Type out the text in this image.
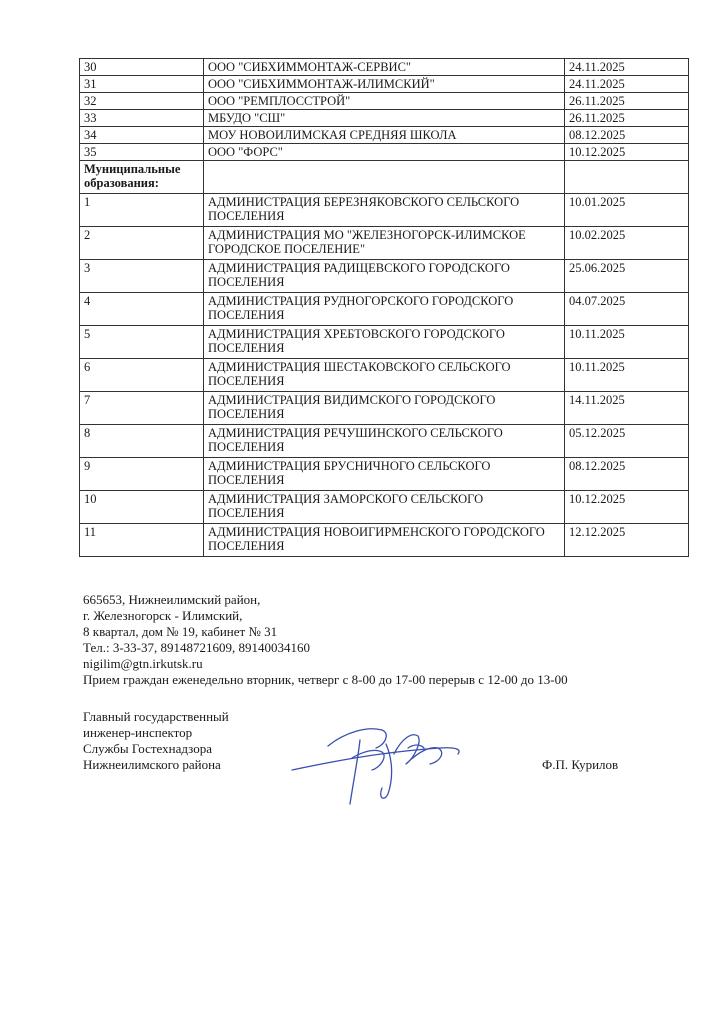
30	ООО "СИБХИММОНТАЖ-СЕРВИС"	24.11.2025
31	ООО "СИБХИММОНТАЖ-ИЛИМСКИЙ"	24.11.2025
32	ООО "РЕМПЛОССТРОЙ"	26.11.2025
33	МБУДО "СШ"	26.11.2025
34	МОУ НОВОИЛИМСКАЯ СРЕДНЯЯ ШКОЛА	08.12.2025
35	ООО "ФОРС"	10.12.2025
Муниципальные образования:		
1	АДМИНИСТРАЦИЯ БЕРЕЗНЯКОВСКОГО СЕЛЬСКОГО ПОСЕЛЕНИЯ	10.01.2025
2	АДМИНИСТРАЦИЯ МО "ЖЕЛЕЗНОГОРСК-ИЛИМСКОЕ ГОРОДСКОЕ ПОСЕЛЕНИЕ"	10.02.2025
3	АДМИНИСТРАЦИЯ РАДИЩЕВСКОГО ГОРОДСКОГО ПОСЕЛЕНИЯ	25.06.2025
4	АДМИНИСТРАЦИЯ РУДНОГОРСКОГО ГОРОДСКОГО ПОСЕЛЕНИЯ	04.07.2025
5	АДМИНИСТРАЦИЯ ХРЕБТОВСКОГО ГОРОДСКОГО ПОСЕЛЕНИЯ	10.11.2025
6	АДМИНИСТРАЦИЯ ШЕСТАКОВСКОГО СЕЛЬСКОГО ПОСЕЛЕНИЯ	10.11.2025
7	АДМИНИСТРАЦИЯ ВИДИМСКОГО ГОРОДСКОГО ПОСЕЛЕНИЯ	14.11.2025
8	АДМИНИСТРАЦИЯ РЕЧУШИНСКОГО СЕЛЬСКОГО ПОСЕЛЕНИЯ	05.12.2025
9	АДМИНИСТРАЦИЯ БРУСНИЧНОГО СЕЛЬСКОГО ПОСЕЛЕНИЯ	08.12.2025
10	АДМИНИСТРАЦИЯ ЗАМОРСКОГО СЕЛЬСКОГО ПОСЕЛЕНИЯ	10.12.2025
11	АДМИНИСТРАЦИЯ НОВОИГИРМЕНСКОГО ГОРОДСКОГО ПОСЕЛЕНИЯ	12.12.2025
665653, Нижнеилимский район,
г. Железногорск - Илимский,
8 квартал, дом № 19, кабинет № 31
Тел.: 3-33-37, 89148721609, 89140034160
nigilim@gtn.irkutsk.ru
Прием граждан еженедельно вторник, четверг с 8-00 до 17-00 перерыв с 12-00 до 13-00
Главный государственный
инженер-инспектор
Службы Гостехнадзора
Нижнеилимского района	Ф.П. Курилов
